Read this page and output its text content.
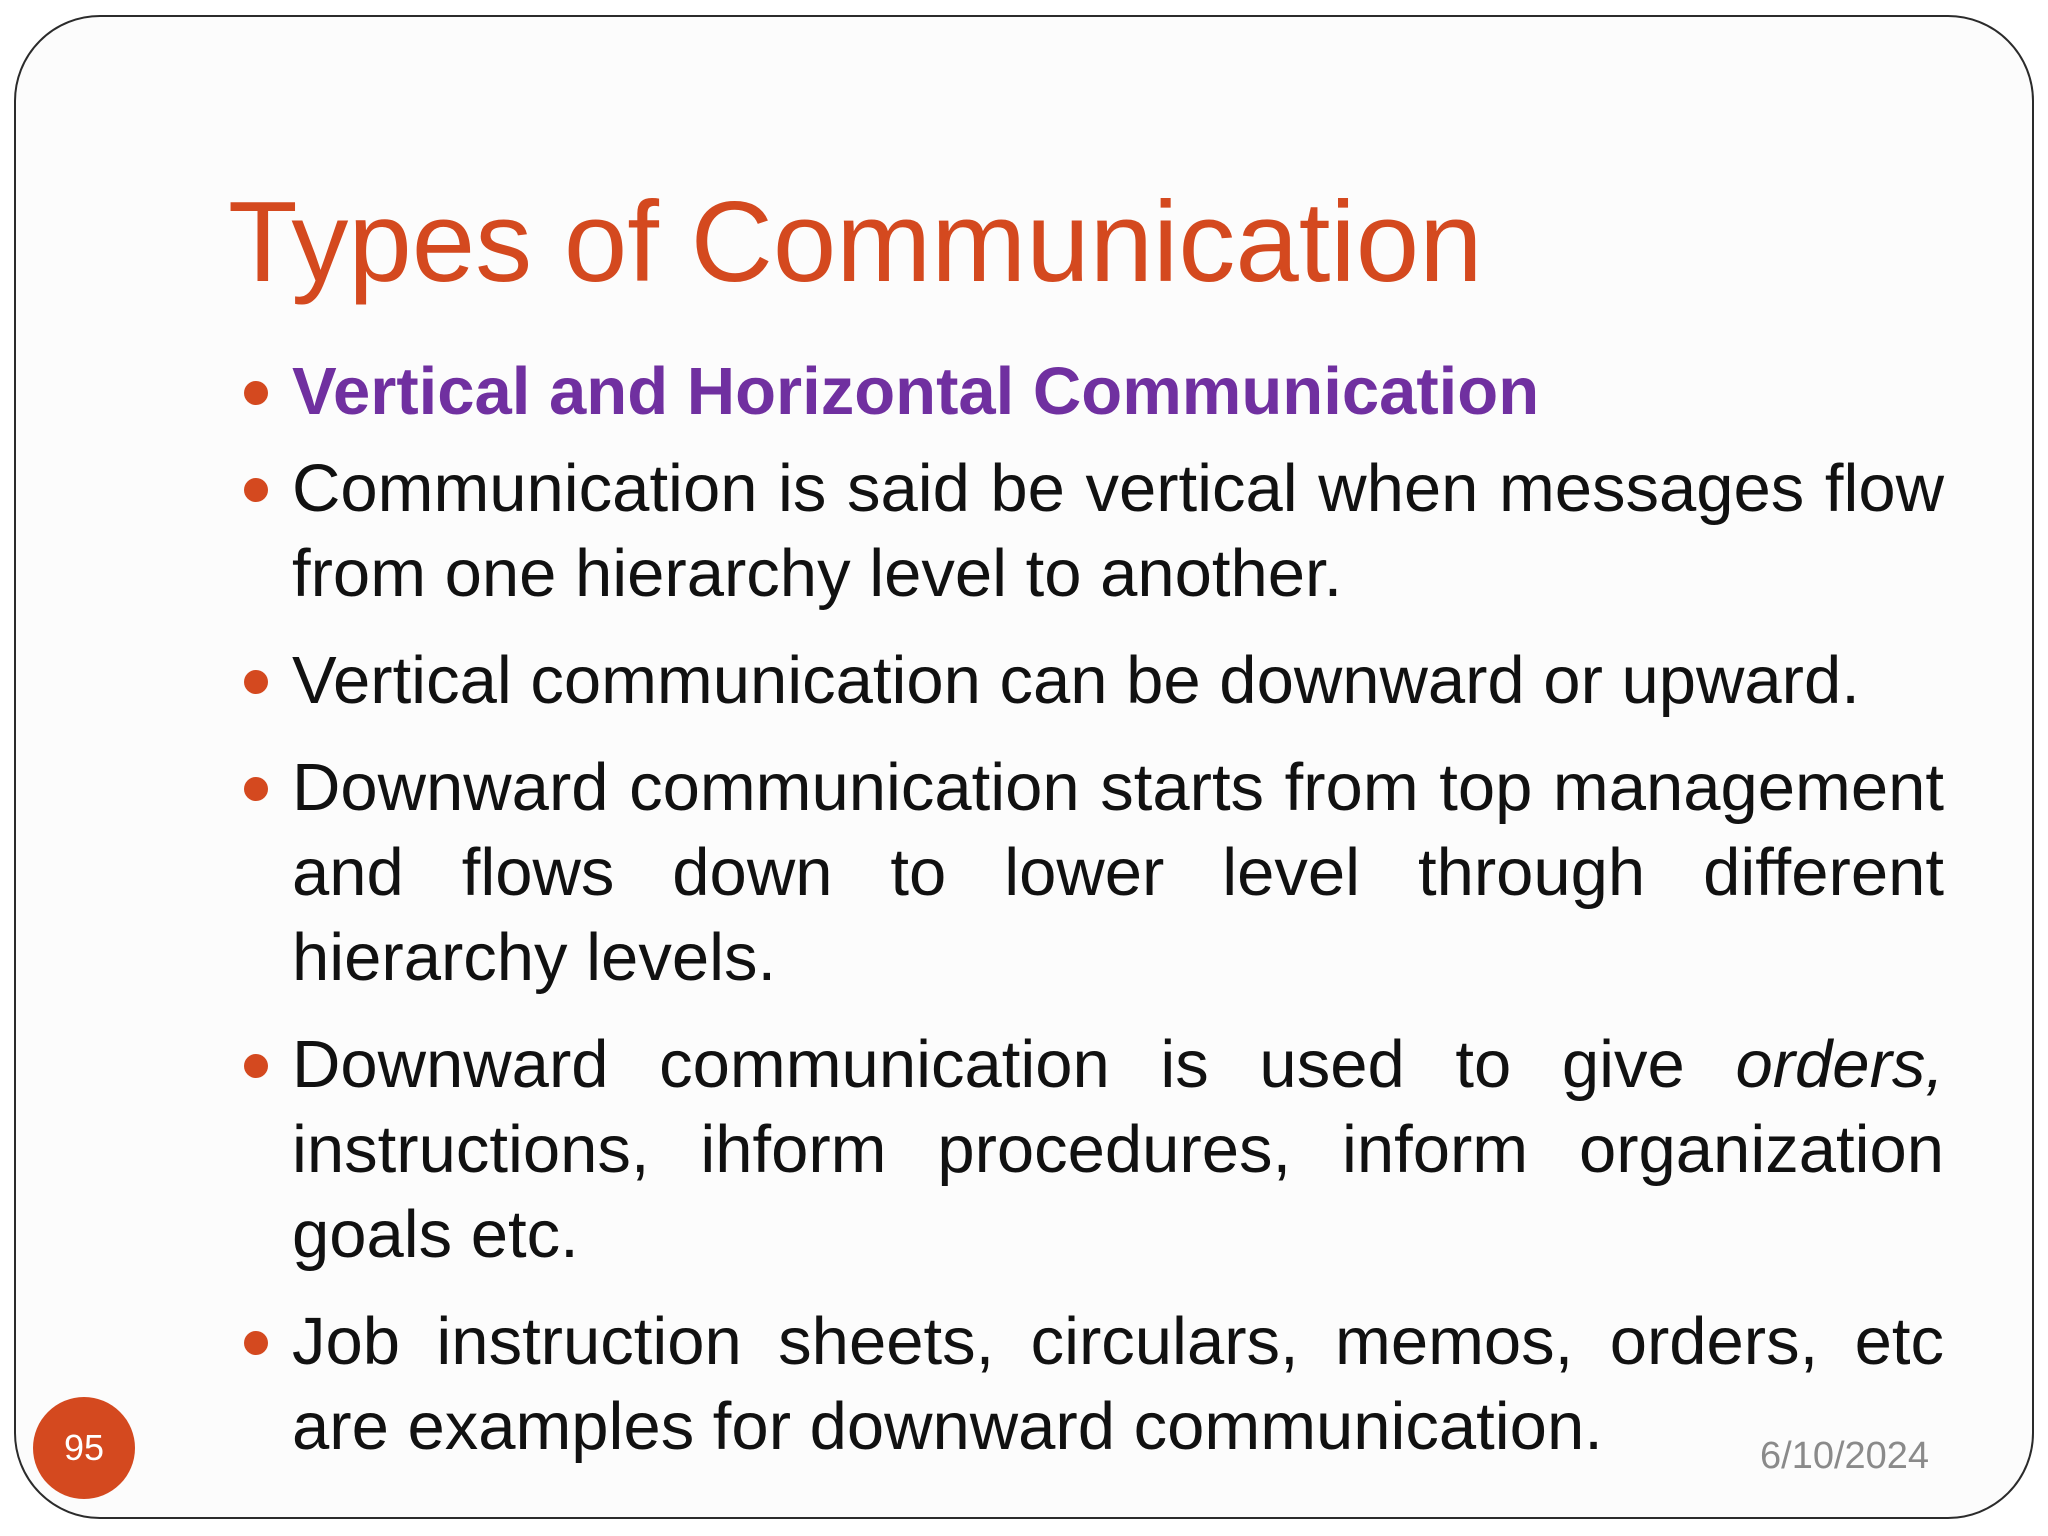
Types of Communication
Vertical and Horizontal Communication
Communication is said be vertical when messages flow from one hierarchy level to another.
Vertical communication can be downward or upward.
Downward communication starts from top management and flows down to lower level through different hierarchy levels.
Downward communication is used to give orders, instructions, ihform procedures, inform organization goals etc.
Job instruction sheets, circulars, memos, orders, etc are examples for downward communication.
95	6/10/2024
